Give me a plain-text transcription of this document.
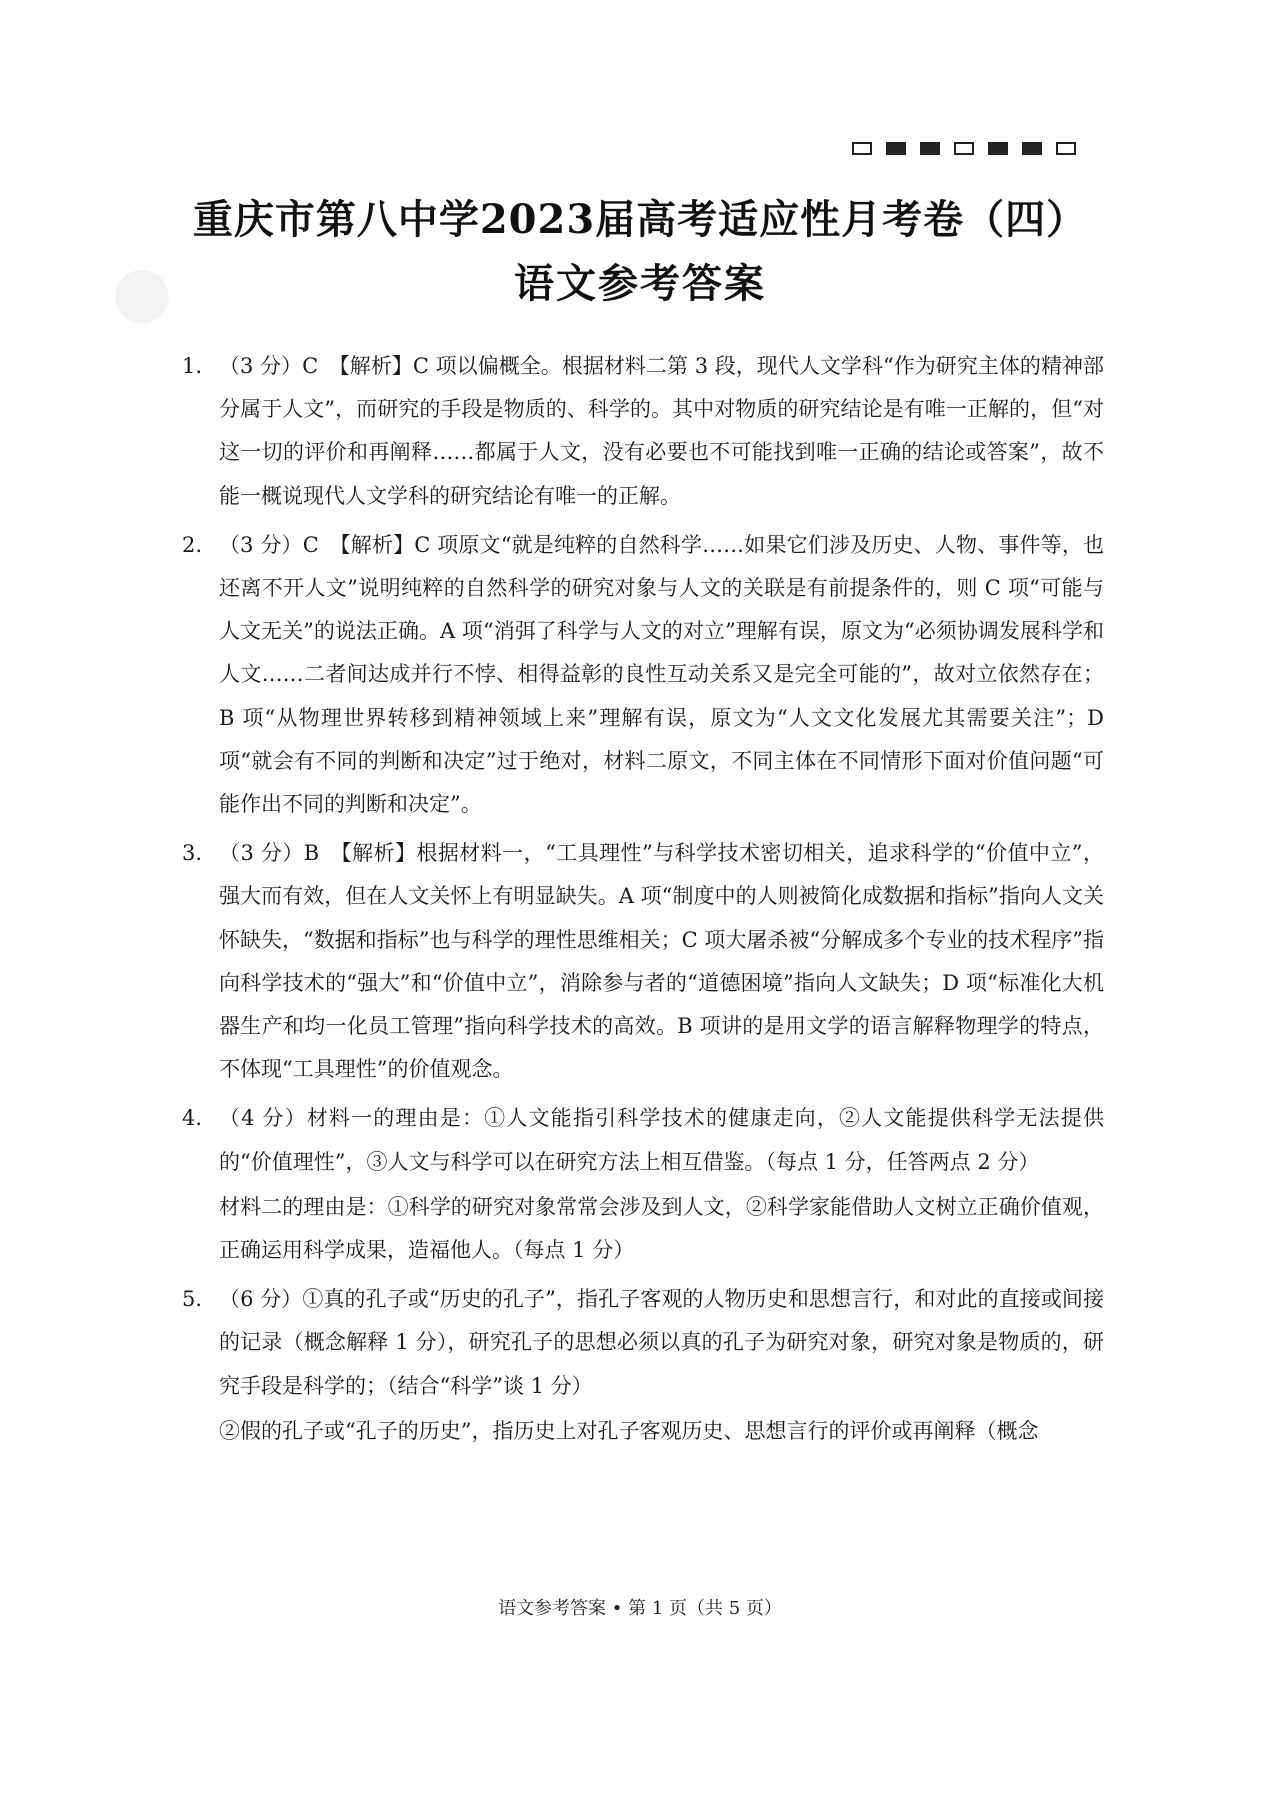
●
重庆市第八中学2023届高考适应性月考卷（四）
语文参考答案
1. （3 分）C　【解析】C 项以偏概全。根据材料二第 3 段，现代人文学科“作为研究主体的精神部分属于人文”，而研究的手段是物质的、科学的。其中对物质的研究结论是有唯一正解的，但“对这一切的评价和再阐释……都属于人文，没有必要也不可能找到唯一正确的结论或答案”，故不能一概说现代人文学科的研究结论有唯一的正解。

2. （3 分）C　【解析】C 项原文“就是纯粹的自然科学……如果它们涉及历史、人物、事件等，也还离不开人文”说明纯粹的自然科学的研究对象与人文的关联是有前提条件的，则 C 项“可能与人文无关”的说法正确。A 项“消弭了科学与人文的对立”理解有误，原文为“必须协调发展科学和人文……二者间达成并行不悖、相得益彰的良性互动关系又是完全可能的”，故对立依然存在；B 项“从物理世界转移到精神领域上来”理解有误，原文为“人文文化发展尤其需要关注”；D 项“就会有不同的判断和决定”过于绝对，材料二原文，不同主体在不同情形下面对价值问题“可能作出不同的判断和决定”。

3. （3 分）B　【解析】根据材料一，“工具理性”与科学技术密切相关，追求科学的“价值中立”，强大而有效，但在人文关怀上有明显缺失。A 项“制度中的人则被简化成数据和指标”指向人文关怀缺失，“数据和指标”也与科学的理性思维相关；C 项大屠杀被“分解成多个专业的技术程序”指向科学技术的“强大”和“价值中立”，消除参与者的“道德困境”指向人文缺失；D 项“标准化大机器生产和均一化员工管理”指向科学技术的高效。B 项讲的是用文学的语言解释物理学的特点，不体现“工具理性”的价值观念。

4. （4 分）材料一的理由是：①人文能指引科学技术的健康走向，②人文能提供科学无法提供的“价值理性”，③人文与科学可以在研究方法上相互借鉴。（每点 1 分，任答两点 2 分）

材料二的理由是：①科学的研究对象常常会涉及到人文，②科学家能借助人文树立正确价值观，正确运用科学成果，造福他人。（每点 1 分）

5. （6 分）①真的孔子或“历史的孔子”，指孔子客观的人物历史和思想言行，和对此的直接或间接的记录（概念解释 1 分），研究孔子的思想必须以真的孔子为研究对象，研究对象是物质的，研究手段是科学的；（结合“科学”谈 1 分）

②假的孔子或“孔子的历史”，指历史上对孔子客观历史、思想言行的评价或再阐释（概念

语文参考答案 • 第 1 页（共 5 页）
